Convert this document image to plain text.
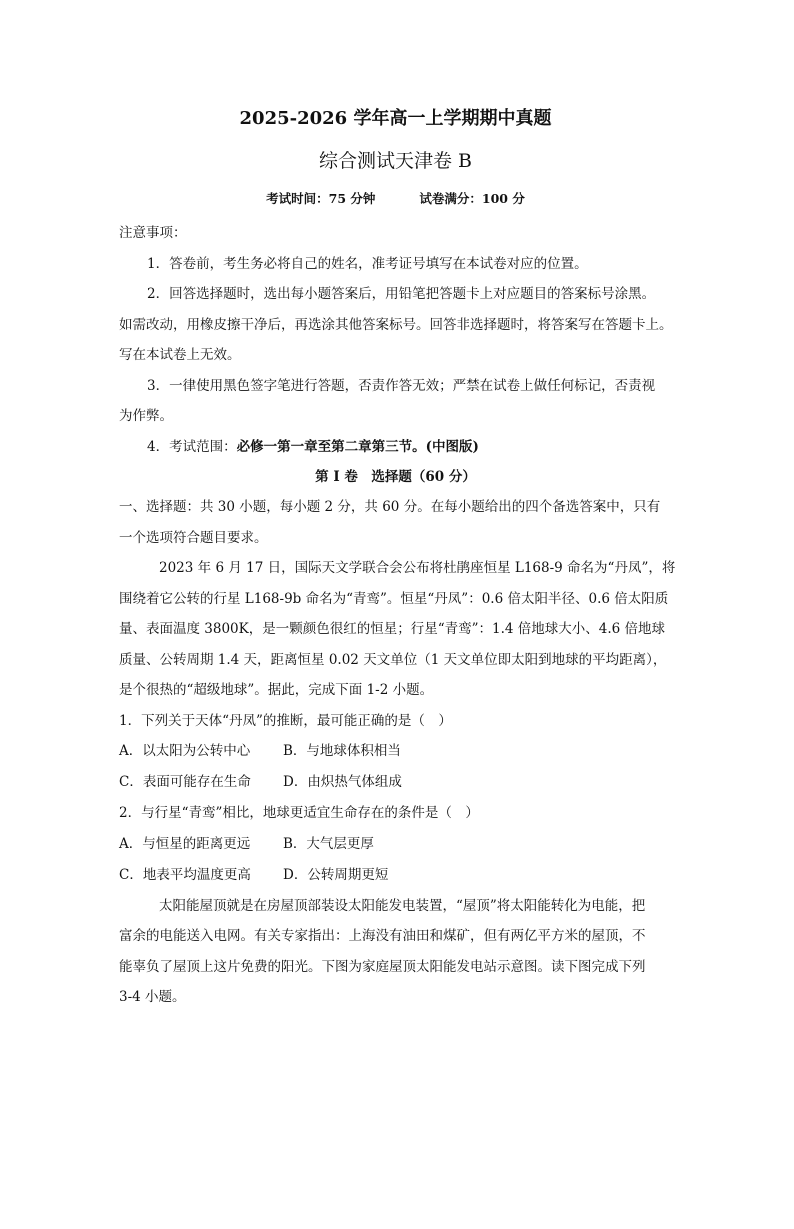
2025-2026 学年高一上学期期中真题
综合测试天津卷 B
考试时间：75 分钟	试卷满分：100 分

注意事项：

1．答卷前，考生务必将自己的姓名，准考证号填写在本试卷对应的位置。

2．回答选择题时，选出每小题答案后，用铅笔把答题卡上对应题目的答案标号涂黑。

如需改动，用橡皮擦干净后，再选涂其他答案标号。回答非选择题时，将答案写在答题卡上。

写在本试卷上无效。

3．一律使用黑色签字笔进行答题，否责作答无效；严禁在试卷上做任何标记，否责视

为作弊。

4．考试范围：必修一第一章至第二章第三节。(中图版)

第 I 卷　选择题（60 分）

一、选择题：共 30 小题，每小题 2 分，共 60 分。在每小题给出的四个备选答案中，只有

一个选项符合题目要求。

2023 年 6 月 17 日，国际天文学联合会公布将杜鹃座恒星 L168-9 命名为“丹凤”，将

围绕着它公转的行星 L168-9b 命名为“青鸾”。恒星“丹凤”：0.6 倍太阳半径、0.6 倍太阳质

量、表面温度 3800K，是一颗颜色很红的恒星；行星“青鸾”：1.4 倍地球大小、4.6 倍地球

质量、公转周期 1.4 天，距离恒星 0.02 天文单位（1 天文单位即太阳到地球的平均距离），

是个很热的“超级地球”。据此，完成下面 1-2 小题。

1．下列关于天体“丹凤”的推断，最可能正确的是（　）

A．以太阳为公转中心 B．与地球体积相当
C．表面可能存在生命 D．由炽热气体组成

2．与行星“青鸾”相比，地球更适宜生命存在的条件是（　）

A．与恒星的距离更远 B．大气层更厚
C．地表平均温度更高 D．公转周期更短

太阳能屋顶就是在房屋顶部装设太阳能发电装置，“屋顶”将太阳能转化为电能，把

富余的电能送入电网。有关专家指出：上海没有油田和煤矿，但有两亿平方米的屋顶，不

能辜负了屋顶上这片免费的阳光。下图为家庭屋顶太阳能发电站示意图。读下图完成下列

3-4 小题。
